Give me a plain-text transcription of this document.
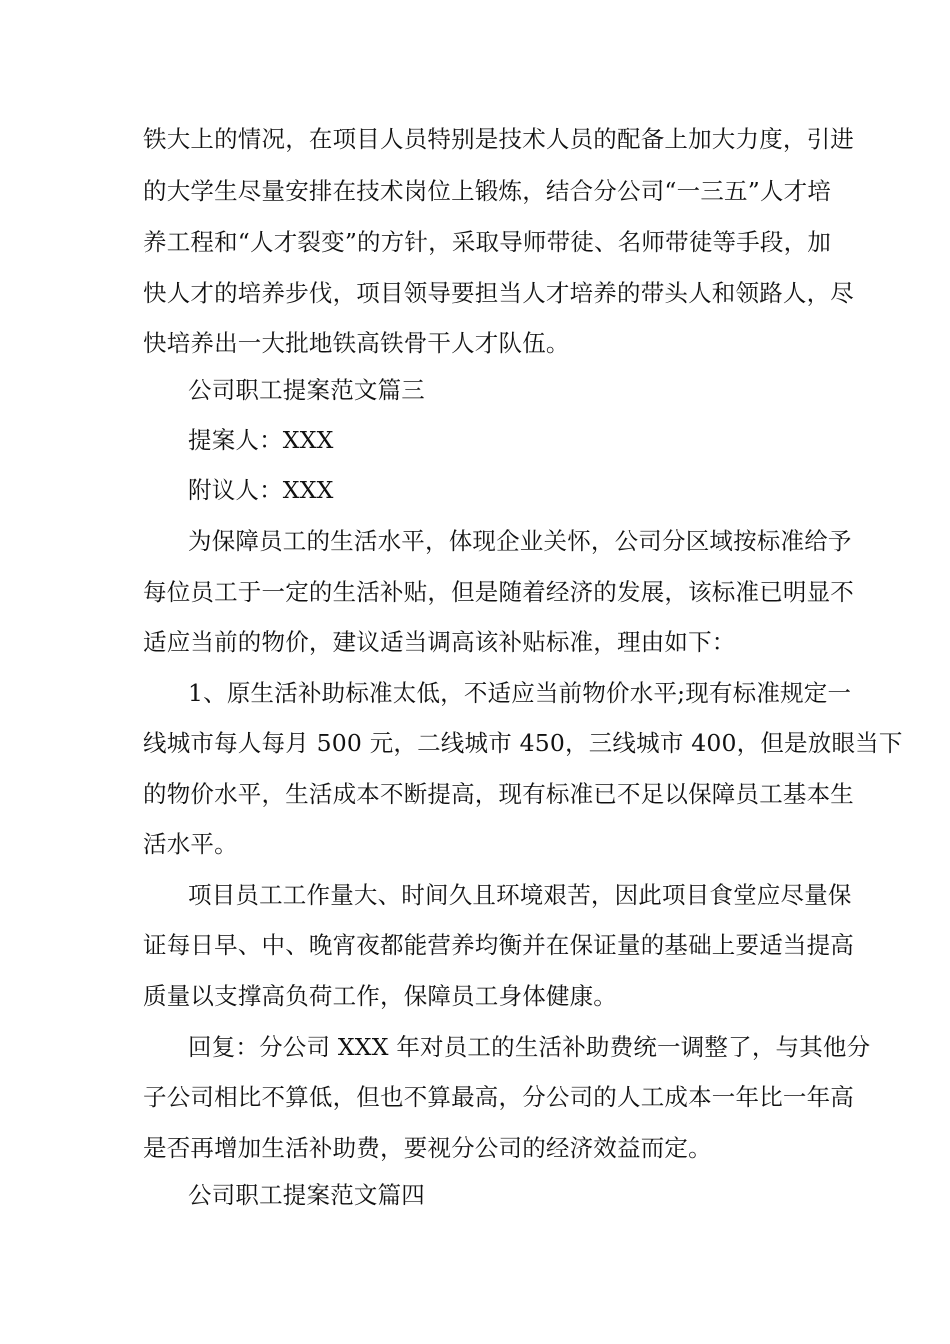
铁大上的情况，在项目人员特别是技术人员的配备上加大力度，引进
的大学生尽量安排在技术岗位上锻炼，结合分公司“一三五”人才培
养工程和“人才裂变”的方针，采取导师带徒、名师带徒等手段，加
快人才的培养步伐，项目领导要担当人才培养的带头人和领路人，尽
快培养出一大批地铁高铁骨干人才队伍。
公司职工提案范文篇三
提案人：XXX
附议人：XXX
为保障员工的生活水平，体现企业关怀，公司分区域按标准给予
每位员工于一定的生活补贴，但是随着经济的发展，该标准已明显不
适应当前的物价，建议适当调高该补贴标准，理由如下：
1、原生活补助标准太低，不适应当前物价水平;现有标准规定一
线城市每人每月 500 元，二线城市 450，三线城市 400，但是放眼当下
的物价水平，生活成本不断提高，现有标准已不足以保障员工基本生
活水平。
项目员工工作量大、时间久且环境艰苦，因此项目食堂应尽量保
证每日早、中、晚宵夜都能营养均衡并在保证量的基础上要适当提高
质量以支撑高负荷工作，保障员工身体健康。
回复：分公司 XXX 年对员工的生活补助费统一调整了，与其他分
子公司相比不算低，但也不算最高，分公司的人工成本一年比一年高
是否再增加生活补助费，要视分公司的经济效益而定。
公司职工提案范文篇四
